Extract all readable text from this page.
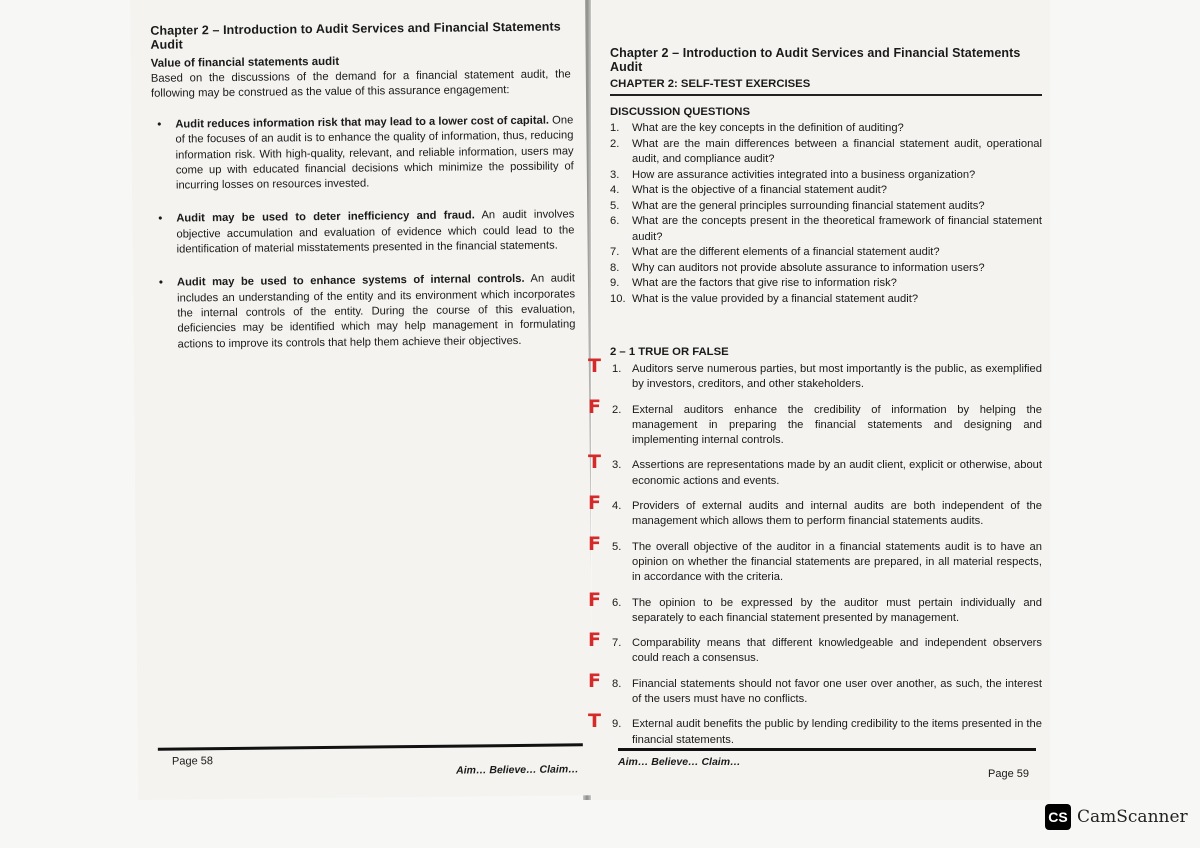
Chapter 2 – Introduction to Audit Services and Financial Statements Audit
Value of financial statements audit
Based on the discussions of the demand for a financial statement audit, the following may be construed as the value of this assurance engagement:
• Audit reduces information risk that may lead to a lower cost of capital. One of the focuses of an audit is to enhance the quality of information, thus, reducing information risk. With high-quality, relevant, and reliable information, users may come up with educated financial decisions which minimize the possibility of incurring losses on resources invested.
• Audit may be used to deter inefficiency and fraud. An audit involves objective accumulation and evaluation of evidence which could lead to the identification of material misstatements presented in the financial statements.
• Audit may be used to enhance systems of internal controls. An audit includes an understanding of the entity and its environment which incorporates the internal controls of the entity. During the course of this evaluation, deficiencies may be identified which may help management in formulating actions to improve its controls that help them achieve their objectives.
Page 58
Aim… Believe… Claim…
Chapter 2 – Introduction to Audit Services and Financial Statements Audit
CHAPTER 2: SELF-TEST EXERCISES
DISCUSSION QUESTIONS
1.	What are the key concepts in the definition of auditing?
2.	What are the main differences between a financial statement audit, operational audit, and compliance audit?
3.	How are assurance activities integrated into a business organization?
4.	What is the objective of a financial statement audit?
5.	What are the general principles surrounding financial statement audits?
6.	What are the concepts present in the theoretical framework of financial statement audit?
7.	What are the different elements of a financial statement audit?
8.	Why can auditors not provide absolute assurance to information users?
9.	What are the factors that give rise to information risk?
10. What is the value provided by a financial statement audit?
2 – 1 TRUE OR FALSE
T 1. Auditors serve numerous parties, but most importantly is the public, as exemplified by investors, creditors, and other stakeholders.
F 2. External auditors enhance the credibility of information by helping the management in preparing the financial statements and designing and implementing internal controls.
T 3. Assertions are representations made by an audit client, explicit or otherwise, about economic actions and events.
F 4. Providers of external audits and internal audits are both independent of the management which allows them to perform financial statements audits.
F 5. The overall objective of the auditor in a financial statements audit is to have an opinion on whether the financial statements are prepared, in all material respects, in accordance with the criteria.
F 6. The opinion to be expressed by the auditor must pertain individually and separately to each financial statement presented by management.
F 7. Comparability means that different knowledgeable and independent observers could reach a consensus.
F 8. Financial statements should not favor one user over another, as such, the interest of the users must have no conflicts.
T 9. External audit benefits the public by lending credibility to the items presented in the financial statements.
Aim… Believe… Claim…
Page 59
CS CamScanner
